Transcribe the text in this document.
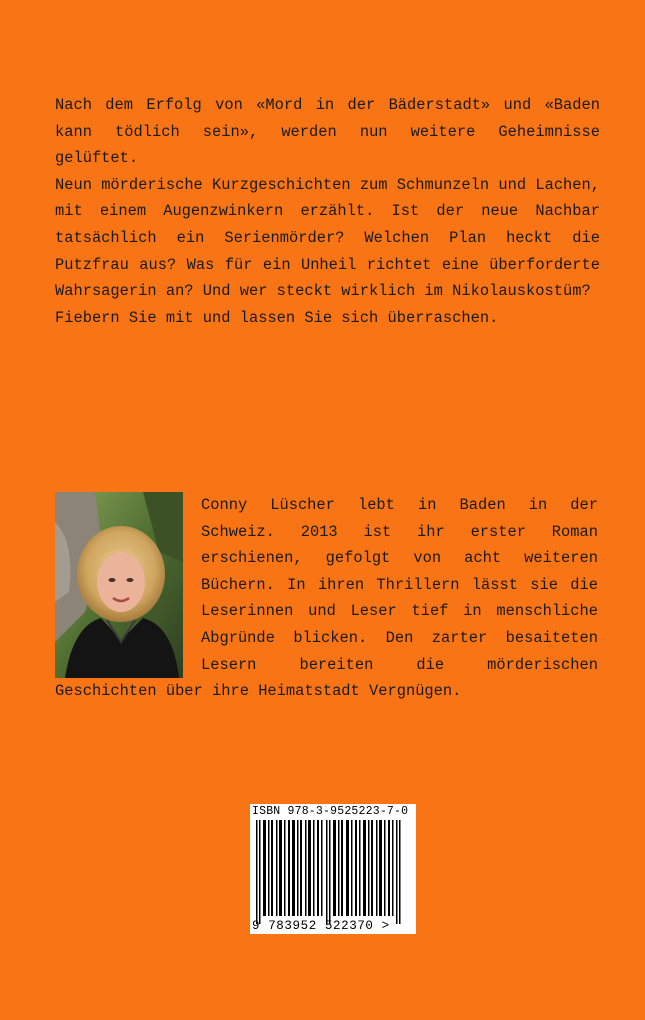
Nach dem Erfolg von «Mord in der Bäderstadt» und «Baden kann tödlich sein», werden nun weitere Geheimnisse gelüftet.

Neun mörderische Kurzgeschichten zum Schmunzeln und Lachen, mit einem Augenzwinkern erzählt. Ist der neue Nachbar tatsächlich ein Serienmörder? Welchen Plan heckt die Putzfrau aus? Was für ein Unheil richtet eine überforderte Wahrsagerin an? Und wer steckt wirklich im Nikolauskostüm?

Fiebern Sie mit und lassen Sie sich überraschen.

Conny Lüscher lebt in Baden in der Schweiz. 2013 ist ihr erster Roman erschienen, gefolgt von acht weiteren Büchern. In ihren Thrillern lässt sie die Leserinnen und Leser tief in menschliche Abgründe blicken. Den zarter besaiteten Lesern bereiten die mörderischen Geschichten über ihre Heimatstadt Vergnügen.

ISBN 978-3-9525223-7-0
9 783952 522370 >
